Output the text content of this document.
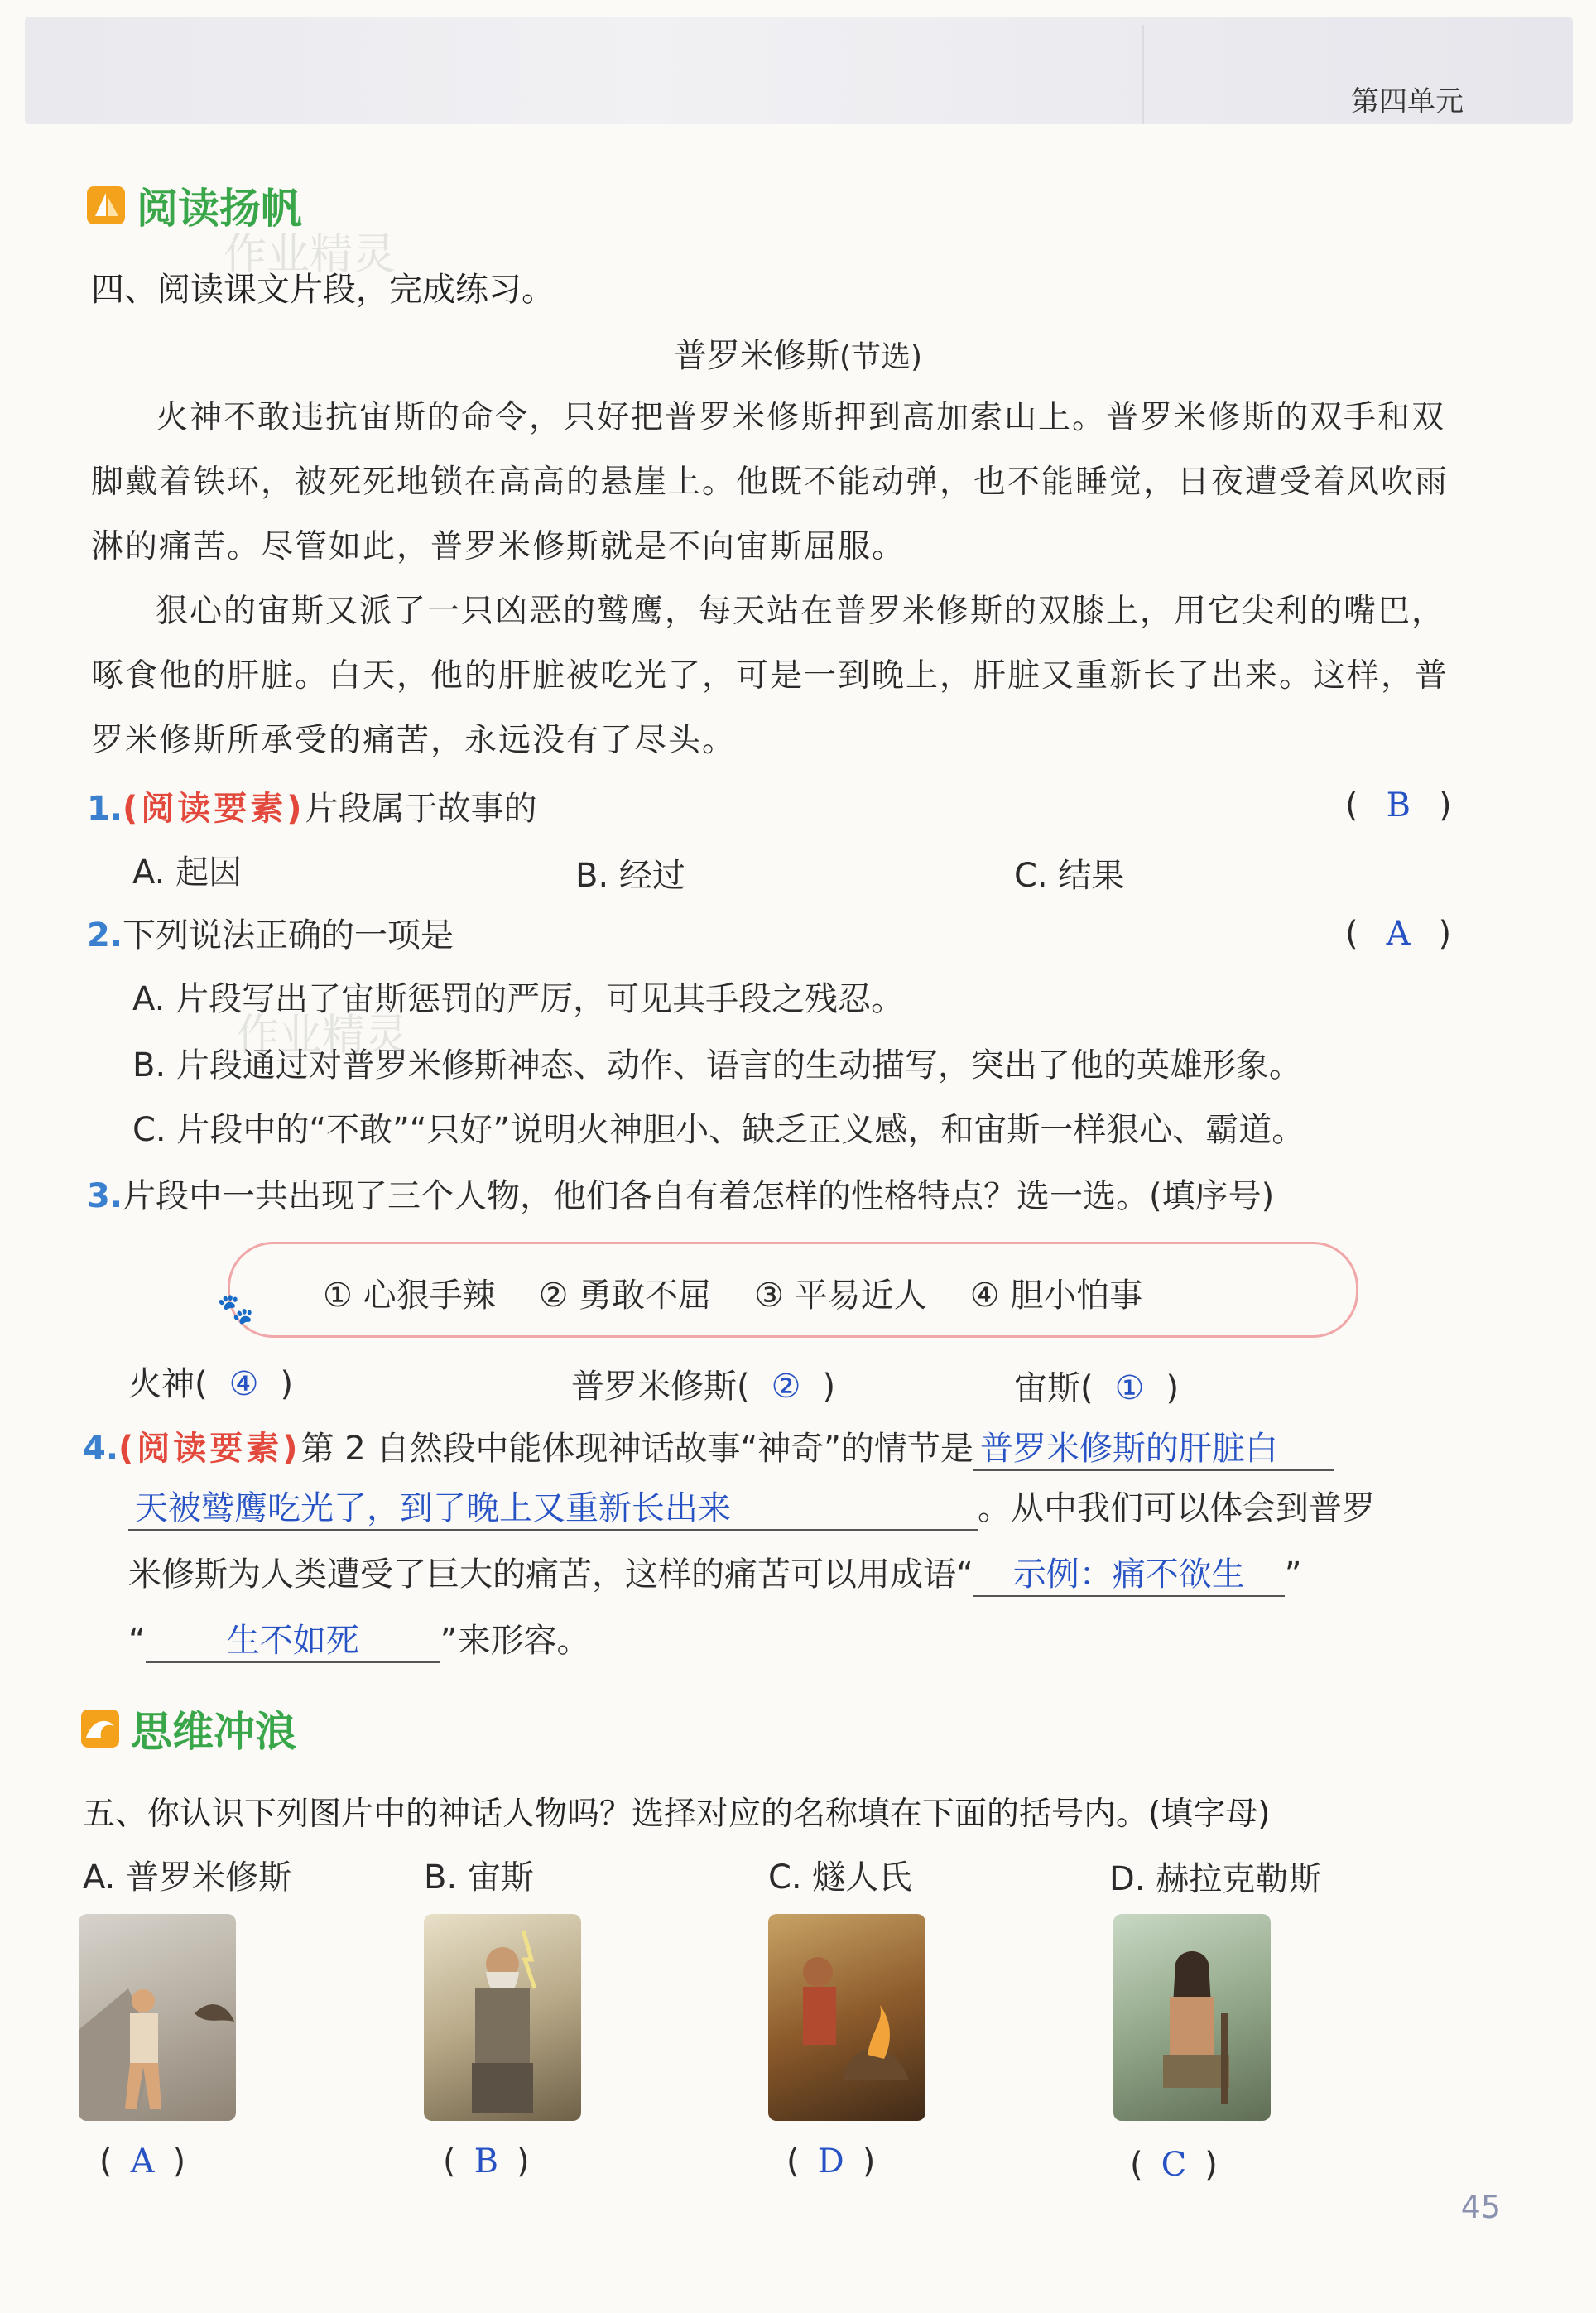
第四单元
阅读扬帆
作业精灵
四、阅读课文片段，完成练习。
普罗米修斯(节选)

火神不敢违抗宙斯的命令，只好把普罗米修斯押到高加索山上。普罗米修斯的双手和双脚戴着铁环，被死死地锁在高高的悬崖上。他既不能动弹，也不能睡觉，日夜遭受着风吹雨淋的痛苦。尽管如此，普罗米修斯就是不向宙斯屈服。

狠心的宙斯又派了一只凶恶的鹫鹰，每天站在普罗米修斯的双膝上，用它尖利的嘴巴，啄食他的肝脏。白天，他的肝脏被吃光了，可是一到晚上，肝脏又重新长了出来。这样，普罗米修斯所承受的痛苦，永远没有了尽头。

1.(阅读要素)片段属于故事的	( B )
A. 起因	B. 经过	C. 结果
2.下列说法正确的一项是	( A )
A. 片段写出了宙斯惩罚的严厉，可见其手段之残忍。
B. 片段通过对普罗米修斯神态、动作、语言的生动描写，突出了他的英雄形象。
C. 片段中的“不敢”“只好”说明火神胆小、缺乏正义感，和宙斯一样狠心、霸道。
作业精灵
3.片段中一共出现了三个人物，他们各自有着怎样的性格特点？选一选。(填序号)
🐾 ① 心狠手辣 ② 勇敢不屈 ③ 平易近人 ④ 胆小怕事
火神( ④ )	普罗米修斯( ② )	宙斯( ① )
4.(阅读要素)第 2 自然段中能体现神话故事“神奇”的情节是 普罗米修斯的肝脏白
天被鹫鹰吃光了，到了晚上又重新长出来	。从中我们可以体会到普罗
米修斯为人类遭受了巨大的痛苦，这样的痛苦可以用成语“ 示例：痛不欲生 ”
“ 生不如死 ”来形容。
思维冲浪
五、你认识下列图片中的神话人物吗？选择对应的名称填在下面的括号内。(填字母)
A. 普罗米修斯	B. 宙斯	C. 燧人氏	D. 赫拉克勒斯
( A )	( B )	( D )	( C )
45
